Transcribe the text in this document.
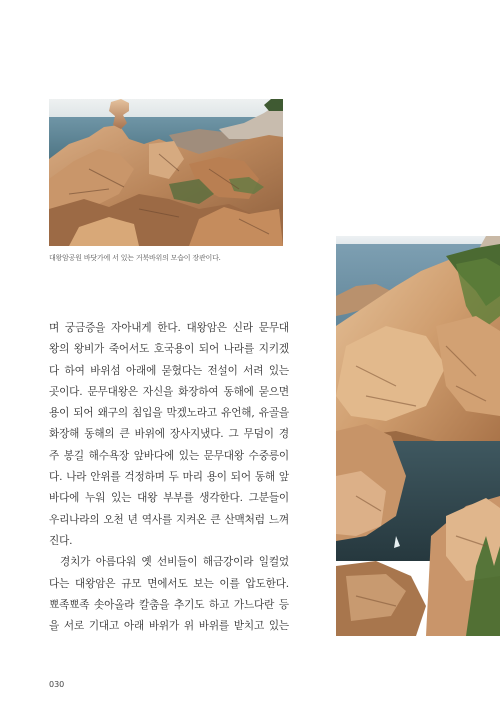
대왕암공원 바닷가에 서 있는 거북바위의 모습이 장관이다.
며 궁금증을 자아내게 한다. 대왕암은 신라 문무대
왕의 왕비가 죽어서도 호국용이 되어 나라를 지키겠
다 하여 바위섬 아래에 묻혔다는 전설이 서려 있는
곳이다. 문무대왕은 자신을 화장하여 동해에 묻으면
용이 되어 왜구의 침입을 막겠노라고 유언해, 유골을
화장해 동해의 큰 바위에 장사지냈다. 그 무덤이 경
주 봉길 해수욕장 앞바다에 있는 문무대왕 수중릉이
다. 나라 안위를 걱정하며 두 마리 용이 되어 동해 앞
바다에 누워 있는 대왕 부부를 생각한다. 그분들이
우리나라의 오천 년 역사를 지켜온 큰 산맥처럼 느껴
진다.
경치가 아름다워 옛 선비들이 해금강이라 일컬었
다는 대왕암은 규모 면에서도 보는 이를 압도한다.
뾰족뾰족 솟아올라 칼춤을 추기도 하고 가느다란 등
을 서로 기대고 아래 바위가 위 바위를 받치고 있는
030
